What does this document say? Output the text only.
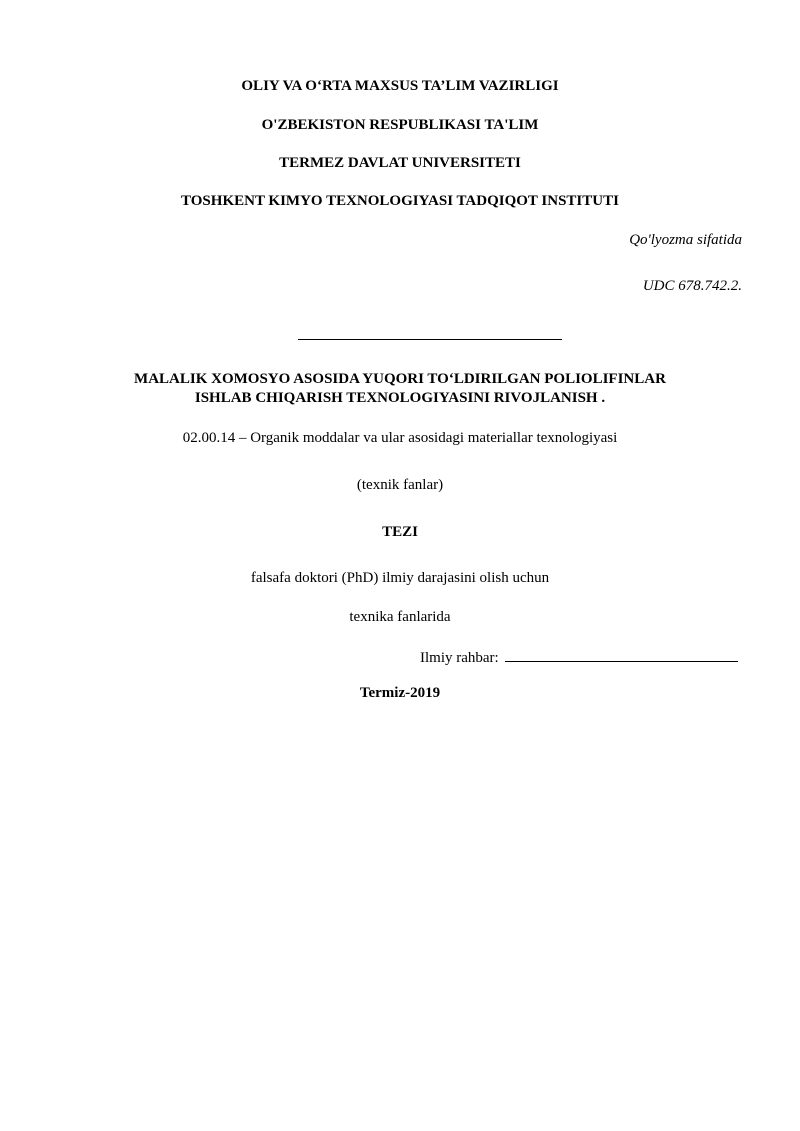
OLIY VA O‘RTA MAXSUS TA’LIM VAZIRLIGI
O'ZBEKISTON RESPUBLIKASI TA'LIM
TERMEZ DAVLAT UNIVERSITETI
TOSHKENT KIMYO TEXNOLOGIYASI TADQIQOT INSTITUTI
Qo'lyozma sifatida
UDC 678.742.2.
MALALIK XOMOSYO ASOSIDA YUQORI TO‘LDIRILGAN POLIOLIFINLAR
ISHLAB CHIQARISH TEXNOLOGIYASINI RIVOJLANISH .
02.00.14 – Organik moddalar va ular asosidagi materiallar texnologiyasi
(texnik fanlar)
TEZI
falsafa doktori (PhD) ilmiy darajasini olish uchun
texnika fanlarida
Ilmiy rahbar:
Termiz-2019
